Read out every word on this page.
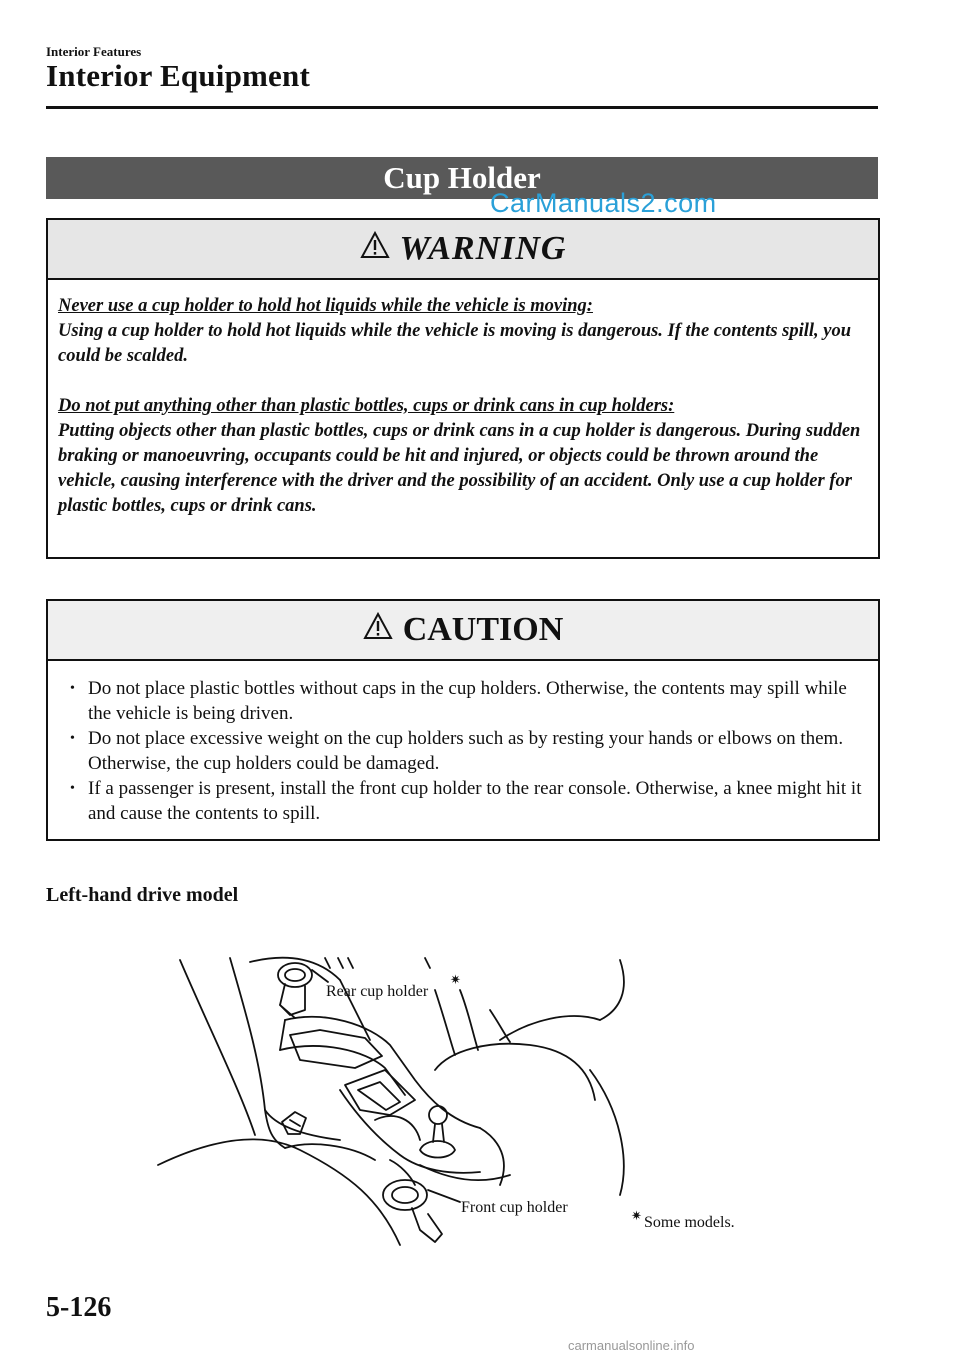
Interior Features
Interior Equipment
Cup Holder
CarManuals2.com
WARNING

Never use a cup holder to hold hot liquids while the vehicle is moving:
Using a cup holder to hold hot liquids while the vehicle is moving is dangerous. If the contents spill, you could be scalded.

Do not put anything other than plastic bottles, cups or drink cans in cup holders:
Putting objects other than plastic bottles, cups or drink cans in a cup holder is dangerous. During sudden braking or manoeuvring, occupants could be hit and injured, or objects could be thrown around the vehicle, causing interference with the driver and the possibility of an accident. Only use a cup holder for plastic bottles, cups or drink cans.

CAUTION
• Do not place plastic bottles without caps in the cup holders. Otherwise, the contents may spill while the vehicle is being driven.
• Do not place excessive weight on the cup holders such as by resting your hands or elbows on them. Otherwise, the cup holders could be damaged.
• If a passenger is present, install the front cup holder to the rear console. Otherwise, a knee might hit it and cause the contents to spill.
Left-hand drive model
Rear cup holder
✷
Front cup holder
✷ Some models.
5-126
carmanualsonline.info
